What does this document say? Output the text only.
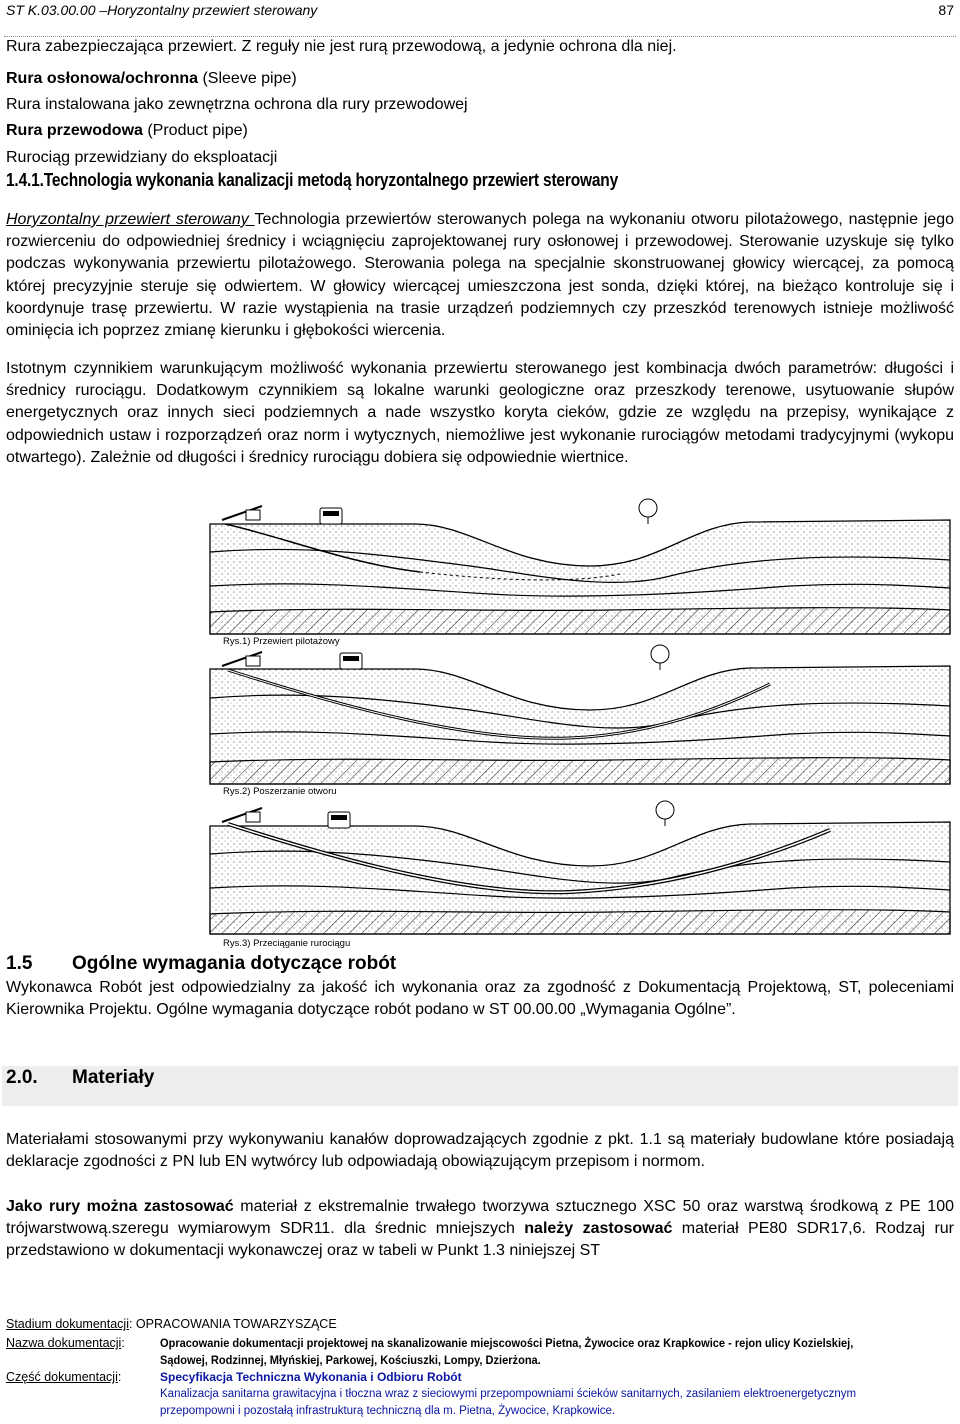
ST K.03.00.00 –Horyzontalny przewiert sterowany	87
Rura zabezpieczająca przewiert. Z reguły nie jest rurą przewodową, a jedynie ochrona dla niej.
Rura osłonowa/ochronna (Sleeve pipe)
Rura instalowana jako zewnętrzna ochrona dla rury przewodowej
Rura przewodowa (Product pipe)
Rurociąg przewidziany do eksploatacji
1.4.1.Technologia wykonania kanalizacji metodą horyzontalnego przewiert sterowany
Horyzontalny przewiert sterowany Technologia przewiertów sterowanych polega na wykonaniu otworu pilotażowego, następnie jego rozwierceniu do odpowiedniej średnicy i wciągnięciu zaprojektowanej rury osłonowej i przewodowej. Sterowanie uzyskuje się tylko podczas wykonywania przewiertu pilotażowego. Sterowania polega na specjalnie skonstruowanej głowicy wiercącej, za pomocą której precyzyjnie steruje się odwiertem. W głowicy wiercącej umieszczona jest sonda, dzięki której, na bieżąco kontroluje się i koordynuje trasę przewiertu. W razie wystąpienia na trasie urządzeń podziemnych czy przeszkód terenowych istnieje możliwość ominięcia ich poprzez zmianę kierunku i głębokości wiercenia.
Istotnym czynnikiem warunkującym możliwość wykonania przewiertu sterowanego jest kombinacja dwóch parametrów: długości i średnicy rurociągu. Dodatkowym czynnikiem są lokalne warunki geologiczne oraz przeszkody terenowe, usytuowanie słupów energetycznych oraz innych sieci podziemnych a nade wszystko koryta cieków, gdzie ze względu na przepisy, wynikające z odpowiednich ustaw i rozporządzeń oraz norm i wytycznych, niemożliwe jest wykonanie rurociągów metodami tradycyjnymi (wykopu otwartego). Zależnie od długości i średnicy rurociągu dobiera się odpowiednie wiertnice.
Rys.1) Przewiert pilotażowy
Rys.2) Poszerzanie otworu
Rys.3) Przeciąganie rurociągu
1.5 Ogólne wymagania dotyczące robót
Wykonawca Robót jest odpowiedzialny za jakość ich wykonania oraz za zgodność z Dokumentacją Projektową, ST, poleceniami Kierownika Projektu. Ogólne wymagania dotyczące robót podano w ST 00.00.00 „Wymagania Ogólne”.
2.0. Materiały
Materiałami stosowanymi przy wykonywaniu kanałów doprowadzających zgodnie z pkt. 1.1 są materiały budowlane które posiadają deklaracje zgodności z PN lub EN wytwórcy lub odpowiadają obowiązującym przepisom i normom.
Jako rury można zastosować materiał z ekstremalnie trwałego tworzywa sztucznego XSC 50 oraz warstwą środkową z PE 100 trójwarstwową.szeregu wymiarowym SDR11. dla średnic mniejszych należy zastosować materiał PE80 SDR17,6. Rodzaj rur przedstawiono w dokumentacji wykonawczej oraz w tabeli w Punkt 1.3 niniejszej ST
Stadium dokumentacji: OPRACOWANIA TOWARZYSZĄCE
Nazwa dokumentacji:	Opracowanie dokumentacji projektowej na skanalizowanie miejscowości Pietna, Żywocice oraz Krapkowice - rejon ulicy Kozielskiej,
Sądowej, Rodzinnej, Młyńskiej, Parkowej, Kościuszki, Lompy, Dzierżona.
Część dokumentacji:	Specyfikacja Techniczna Wykonania i Odbioru Robót
Kanalizacja sanitarna grawitacyjna i tłoczna wraz z sieciowymi przepompowniami ścieków sanitarnych, zasilaniem elektroenergetycznym
przepompowni i pozostałą infrastrukturą techniczną dla m. Pietna, Żywocice, Krapkowice.
